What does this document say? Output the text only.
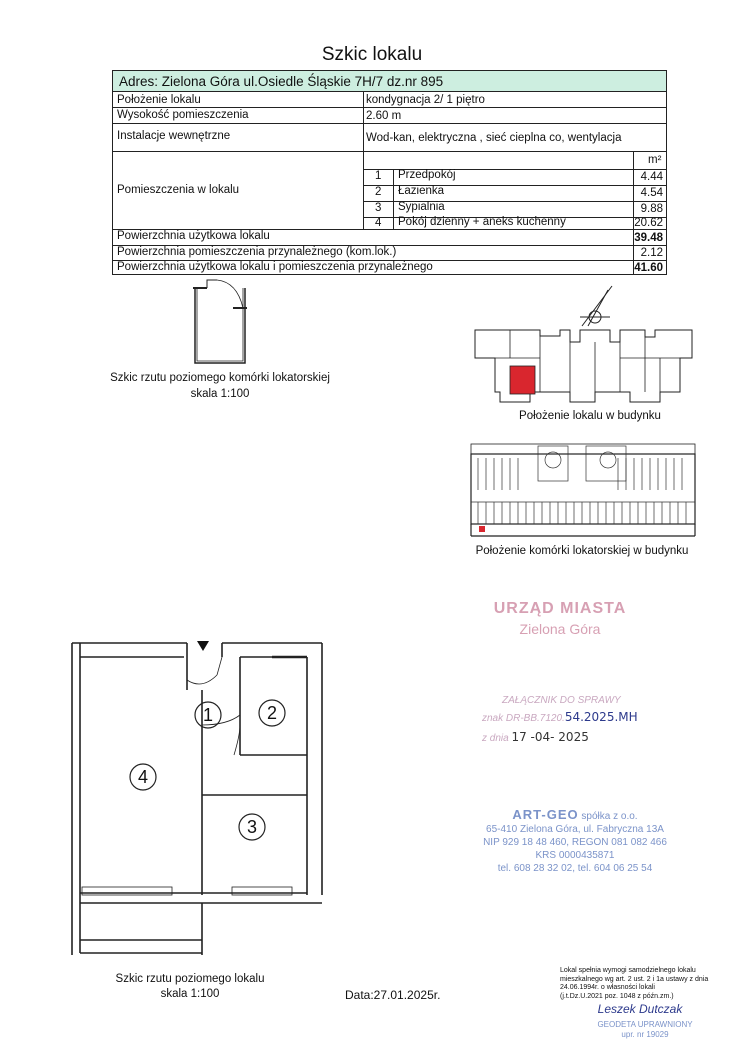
Szkic lokalu
Adres: Zielona Góra ul.Osiedle Śląskie 7H/7 dz.nr 895
Położenie lokalu	kondygnacja 2/ 1 piętro
Wysokość pomieszczenia	2.60 m
Instalacje wewnętrzne	Wod-kan, elektryczna , sieć cieplna co, wentylacja
Pomieszczenia w lokalu
m²
1 Przedpokój	4.44
2 Łazienka	4.54
3 Sypialnia	9.88
4 Pokój dzienny + aneks kuchenny	20.62
Powierzchnia użytkowa lokalu	39.48
Powierzchnia pomieszczenia przynależnego (kom.lok.)	2.12
Powierzchnia użytkowa lokalu i pomieszczenia przynależnego	41.60
Szkic rzutu poziomego komórki lokatorskiej
skala 1:100
Położenie lokalu w budynku
Położenie komórki lokatorskiej w budynku
1	2
3
4
Szkic rzutu poziomego lokalu
skala 1:100	Data:27.01.2025r.
URZĄD MIASTA
Zielona Góra
ZAŁĄCZNIK DO SPRAWY
znak DR-BB.7120.54.2025.MH
z dnia 17 -04- 2025
ART-GEO spółka z o.o.
65-410 Zielona Góra, ul. Fabryczna 13A
NIP 929 18 48 460, REGON 081 082 466
KRS 0000435871
tel. 608 28 32 02, tel. 604 06 25 54
Lokal spełnia wymogi samodzielnego lokalu
mieszkalnego wg art. 2 ust. 2 i 1a ustawy z dnia
24.06.1994r. o własności lokali
(j.t.Dz.U.2021 poz. 1048 z późn.zm.)
Leszek Dutczak
GEODETA UPRAWNIONY
upr. nr 19029
